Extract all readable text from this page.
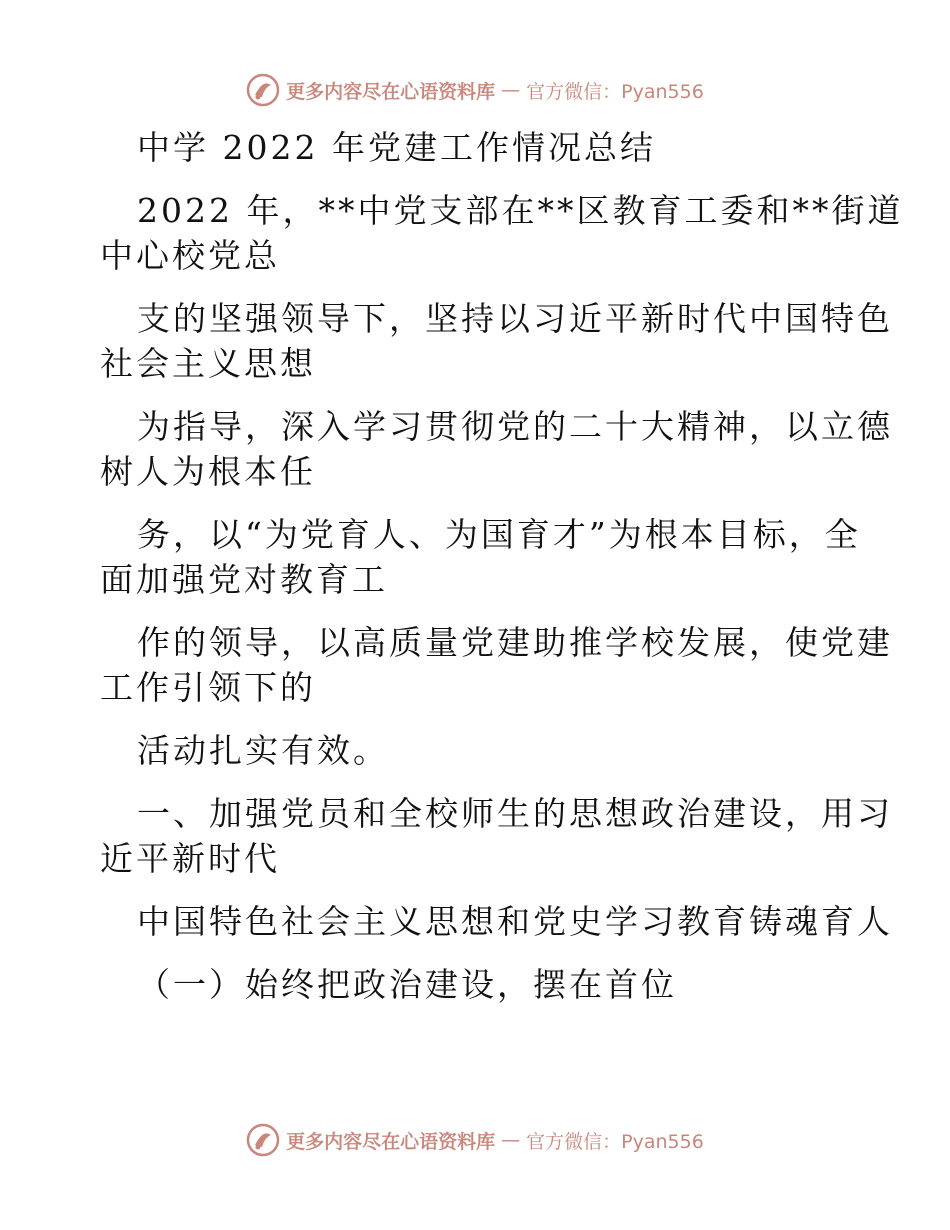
更多内容尽在心语资料库 — 官方微信：Pyan556
中学 2022 年党建工作情况总结
2022 年，**中党支部在**区教育工委和**街道
中心校党总
支的坚强领导下，坚持以习近平新时代中国特色
社会主义思想
为指导，深入学习贯彻党的二十大精神，以立德
树人为根本任
务，以“为党育人、为国育才”为根本目标，全
面加强党对教育工
作的领导，以高质量党建助推学校发展，使党建
工作引领下的
活动扎实有效。
一、加强党员和全校师生的思想政治建设，用习
近平新时代
中国特色社会主义思想和党史学习教育铸魂育人
（一）始终把政治建设，摆在首位
更多内容尽在心语资料库 — 官方微信：Pyan556
